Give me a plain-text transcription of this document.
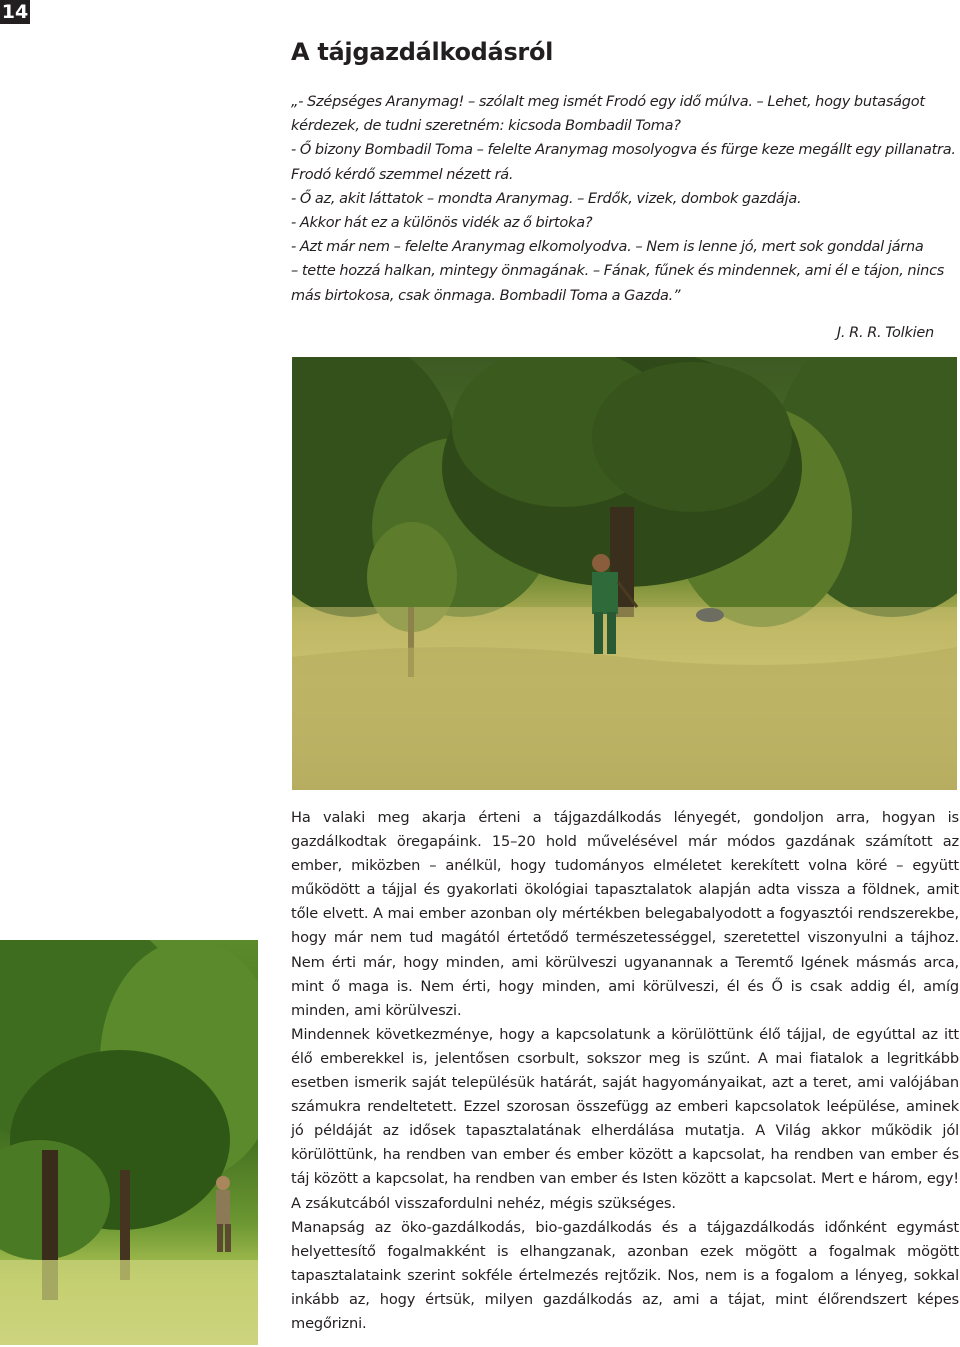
14
A tájgazdálkodásról

„- Szépséges Aranymag! – szólalt meg ismét Frodó egy idő múlva. – Lehet, hogy butaságot

kérdezek, de tudni szeretném: kicsoda Bombadil Toma?

- Ő bizony Bombadil Toma – felelte Aranymag mosolyogva és fürge keze megállt egy pillanatra.

Frodó kérdő szemmel nézett rá.

- Ő az, akit láttatok – mondta Aranymag. – Erdők, vizek, dombok gazdája.

- Akkor hát ez a különös vidék az ő birtoka?

- Azt már nem – felelte Aranymag elkomolyodva. – Nem is lenne jó, mert sok gonddal járna

– tette hozzá halkan, mintegy önmagának. – Fának, fűnek és mindennek, ami él e tájon, nincs

más birtokosa, csak önmaga. Bombadil Toma a Gazda.”

J. R. R. Tolkien

Ha valaki meg akarja érteni a tájgazdálkodás lényegét, gondoljon arra, hogyan is gazdálkodtak öregapáink. 15–20 hold művelésével már módos gazdának számított az ember, miközben – anélkül, hogy tudományos elméletet kerekített volna köré – együtt működött a tájjal és gyakorlati ökológiai tapasztalatok alapján adta vissza a földnek, amit tőle elvett. A mai ember azonban oly mértékben belegabalyodott a fogyasztói rendszerekbe, hogy már nem tud magától értetődő természetességgel, szeretettel viszonyulni a tájhoz. Nem érti már, hogy minden, ami körülveszi ugyanannak a Teremtő Igének másmás arca, mint ő maga is. Nem érti, hogy minden, ami körülveszi, él és Ő is csak addig él, amíg minden, ami körülveszi.

Mindennek következménye, hogy a kapcsolatunk a körülöttünk élő tájjal, de egyúttal az itt élő emberekkel is, jelentősen csorbult, sokszor meg is szűnt. A mai fiatalok a legritkább esetben ismerik saját településük határát, saját hagyományaikat, azt a teret, ami valójában számukra rendeltetett. Ezzel szorosan összefügg az emberi kapcsolatok leépülése, aminek jó példáját az idősek tapasztalatának elherdálása mutatja. A Világ akkor működik jól körülöttünk, ha rendben van ember és ember között a kapcsolat, ha rendben van ember és táj között a kapcsolat, ha rendben van ember és Isten között a kapcsolat. Mert e három, egy! A zsákutcából visszafordulni nehéz, mégis szükséges.

Manapság az öko-gazdálkodás, bio-gazdálkodás és a tájgazdálkodás időnként egymást helyettesítő fogalmakként is elhangzanak, azonban ezek mögött a fogalmak mögött tapasztalataink szerint sokféle értelmezés rejtőzik. Nos, nem is a fogalom a lényeg, sokkal inkább az, hogy értsük, milyen gazdálkodás az, ami a tájat, mint élőrendszert képes megőrizni.
